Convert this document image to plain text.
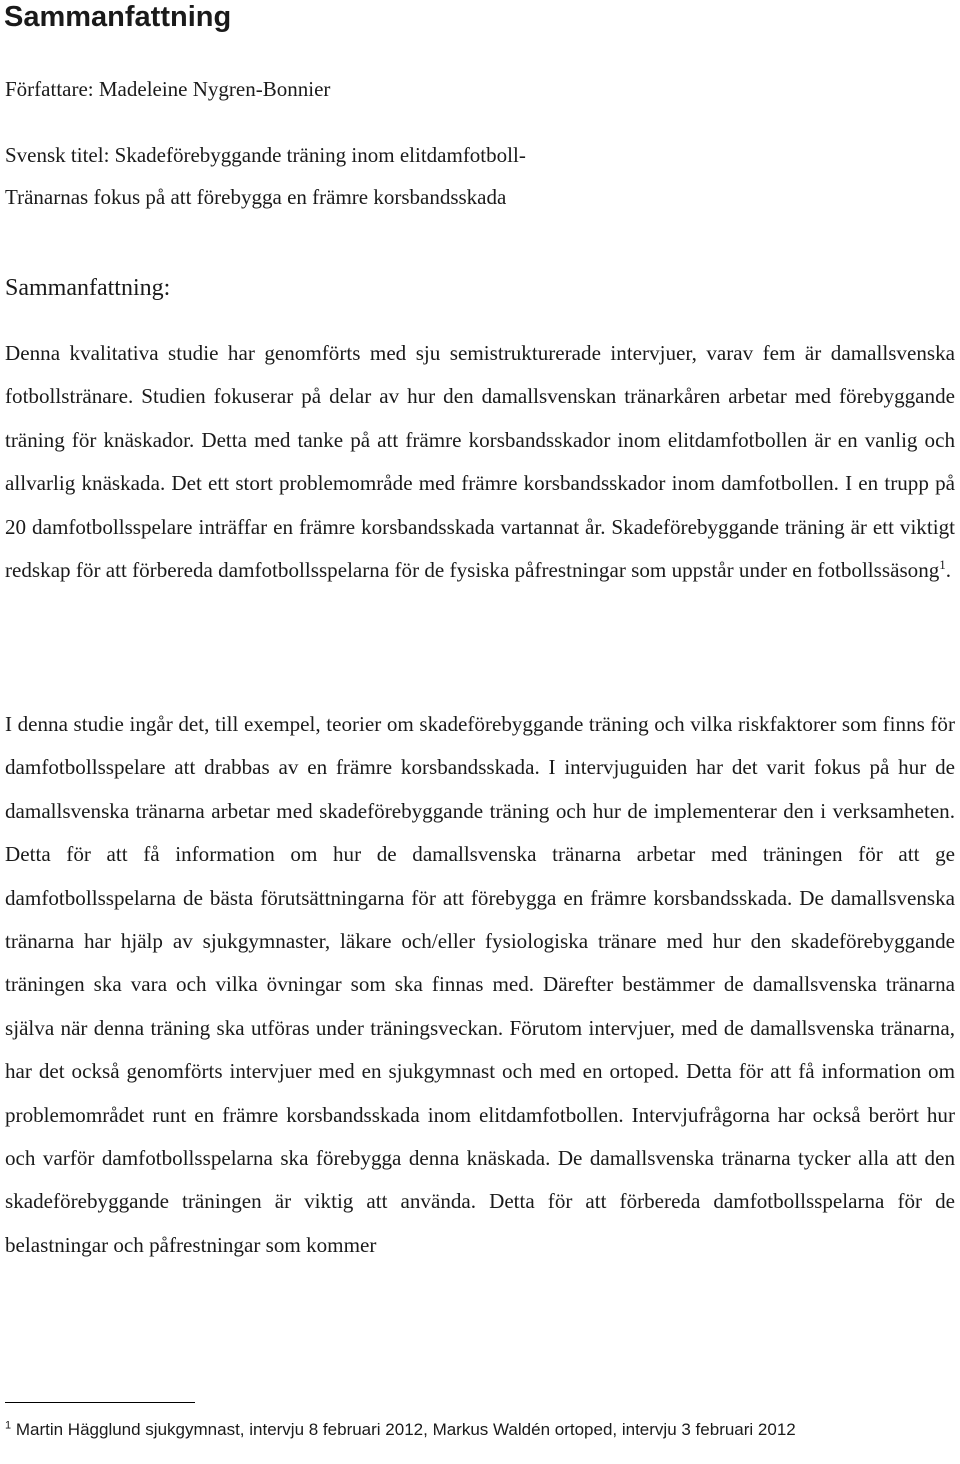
Sammanfattning

Författare: Madeleine Nygren-Bonnier

Svensk titel: Skadeförebyggande träning inom elitdamfotboll-

Tränarnas fokus på att förebygga en främre korsbandsskada

Sammanfattning:

Denna kvalitativa studie har genomförts med sju semistrukturerade intervjuer, varav fem är damallsvenska fotbollstränare. Studien fokuserar på delar av hur den damallsvenskan tränarkåren arbetar med förebyggande träning för knäskador. Detta med tanke på att främre korsbandsskador inom elitdamfotbollen är en vanlig och allvarlig knäskada. Det ett stort problemområde med främre korsbandsskador inom damfotbollen. I en trupp på 20 damfotbollsspelare inträffar en främre korsbandsskada vartannat år. Skadeförebyggande träning är ett viktigt redskap för att förbereda damfotbollsspelarna för de fysiska påfrestningar som uppstår under en fotbollssäsong$^1$.

I denna studie ingår det, till exempel, teorier om skadeförebyggande träning och vilka riskfaktorer som finns för damfotbollsspelare att drabbas av en främre korsbandsskada. I intervjuguiden har det varit fokus på hur de damallsvenska tränarna arbetar med skadeförebyggande träning och hur de implementerar den i verksamheten. Detta för att få information om hur de damallsvenska tränarna arbetar med träningen för att ge damfotbollsspelarna de bästa förutsättningarna för att förebygga en främre korsbandsskada. De damallsvenska tränarna har hjälp av sjukgymnaster, läkare och/eller fysiologiska tränare med hur den skadeförebyggande träningen ska vara och vilka övningar som ska finnas med. Därefter bestämmer de damallsvenska tränarna själva när denna träning ska utföras under träningsveckan. Förutom intervjuer, med de damallsvenska tränarna, har det också genomförts intervjuer med en sjukgymnast och med en ortoped. Detta för att få information om problemområdet runt en främre korsbandsskada inom elitdamfotbollen. Intervjufrågorna har också berört hur och varför damfotbollsspelarna ska förebygga denna knäskada. De damallsvenska tränarna tycker alla att den skadeförebyggande träningen är viktig att använda. Detta för att förbereda damfotbollsspelarna för de belastningar och påfrestningar som kommer

$^1$ Martin Hägglund sjukgymnast, intervju 8 februari 2012, Markus Waldén ortoped, intervju 3 februari 2012
